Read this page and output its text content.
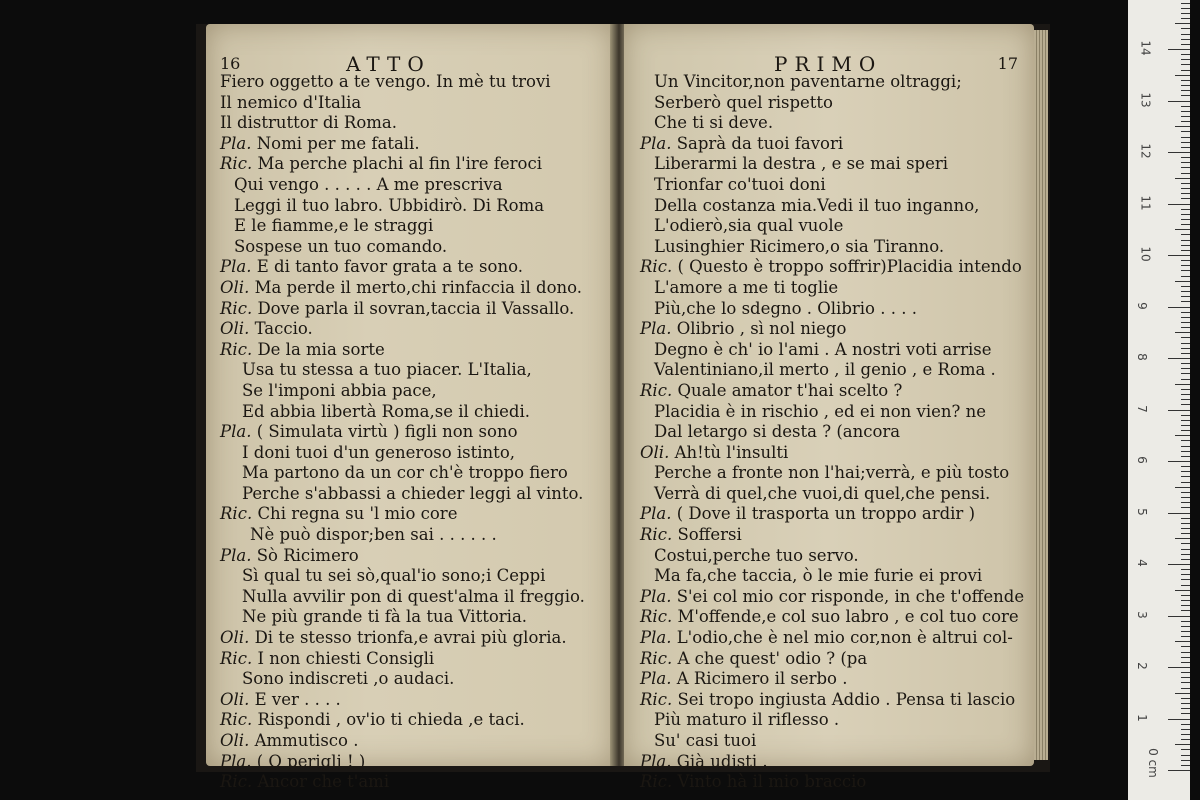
16	ATTO
Fiero oggetto a te vengo. In mè tu trovi
Il nemico d'Italia
Il distruttor di Roma.
Pla. Nomi per me fatali.
Ric. Ma perche plachi al fin l'ire feroci
Qui vengo . . . . . A me prescriva
Leggi il tuo labro. Ubbidirò. Di Roma
E le fiamme,e le straggi
Sospese un tuo comando.
Pla. E di tanto favor grata a te sono.
Oli. Ma perde il merto,chi rinfaccia il dono.
Ric. Dove parla il sovran,taccia il Vassallo.
Oli. Taccio.
Ric. De la mia sorte
Usa tu stessa a tuo piacer. L'Italia,
Se l'imponi abbia pace,
Ed abbia libertà Roma,se il chiedi.
Pla. ( Simulata virtù ) figli non sono
I doni tuoi d'un generoso istinto,
Ma partono da un cor ch'è troppo fiero
Perche s'abbassi a chieder leggi al vinto.
Ric. Chi regna su 'l mio core
Nè può dispor;ben sai . . . . . .
Pla. Sò Ricimero
Sì qual tu sei sò,qual'io sono;i Ceppi
Nulla avvilir pon di quest'alma il freggio.
Ne più grande ti fà la tua Vittoria.
Oli. Di te stesso trionfa,e avrai più gloria.
Ric. I non chiesti Consigli
Sono indiscreti ,o audaci.
Oli. E ver . . . .
Ric. Rispondi , ov'io ti chieda ,e taci.
Oli. Ammutisco .
Pla. ( O perigli ! )
Ric. Ancor che t'ami
PRIMO	17
Un Vincitor,non paventarne oltraggi;
Serberò quel rispetto
Che ti si deve.
Pla. Saprà da tuoi favori
Liberarmi la destra , e se mai speri
Trionfar co'tuoi doni
Della costanza mia.Vedi il tuo inganno,
L'odierò,sia qual vuole
Lusinghier Ricimero,o sia Tiranno.
Ric. ( Questo è troppo soffrir)Placidia intendo
L'amore a me ti toglie
Più,che lo sdegno . Olibrio . . . .
Pla. Olibrio , sì nol niego
Degno è ch' io l'ami . A nostri voti arrise
Valentiniano,il merto , il genio , e Roma .
Ric. Quale amator t'hai scelto ?
Placidia è in rischio , ed ei non vien? ne
Dal letargo si desta ? (ancora
Oli. Ah!tù l'insulti
Perche a fronte non l'hai;verrà, e più tosto
Verrà di quel,che vuoi,di quel,che pensi.
Pla. ( Dove il trasporta un troppo ardir )
Ric. Soffersi
Costui,perche tuo servo.
Ma fa,che taccia, ò le mie furie ei provi
Pla. S'ei col mio cor risponde, in che t'offende
Ric. M'offende,e col suo labro , e col tuo core
Pla. L'odio,che è nel mio cor,non è altrui col-
Ric. A che quest' odio ? (pa
Pla. A Ricimero il serbo .
Ric. Sei tropo ingiusta Addio . Pensa ti lascio
Più maturo il riflesso .
Su' casi tuoi
Pla. Già udisti .
Ric. Vinto hà il mio braccio
0 cm
1
2
3
4
5
6
7
8
9
10
11
12
13
14
